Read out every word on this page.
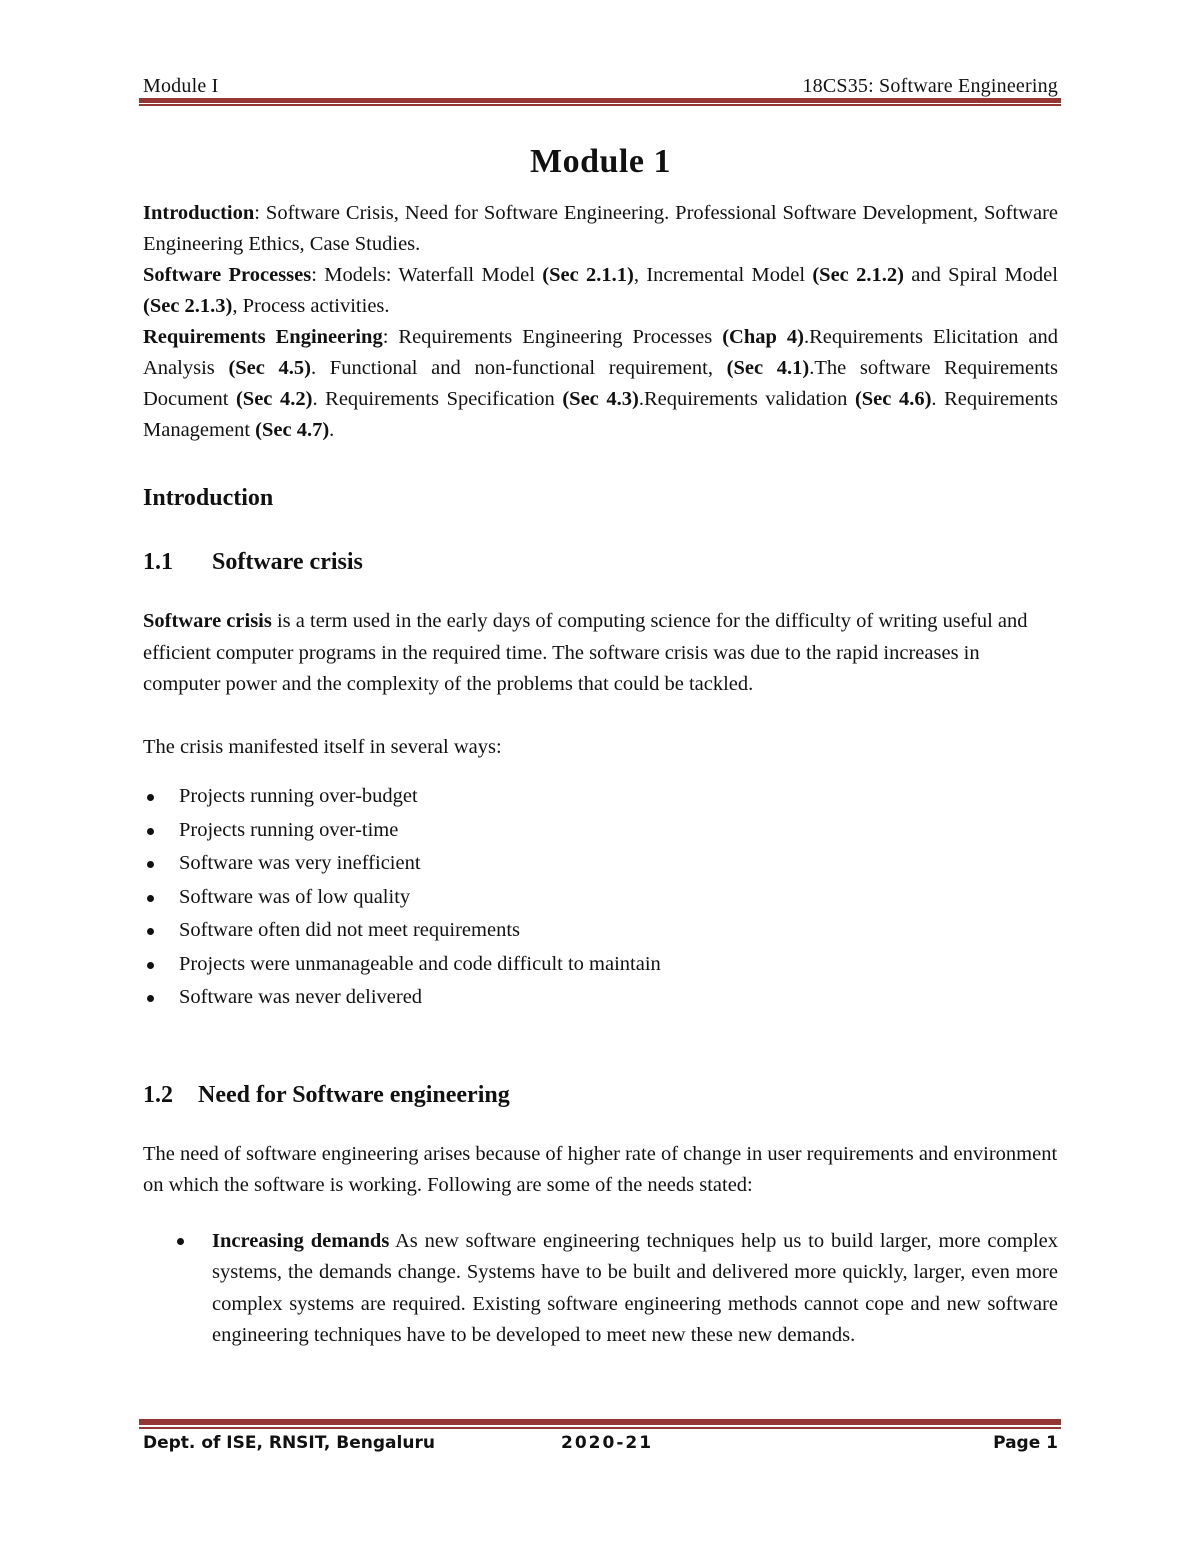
Module I	18CS35: Software Engineering
Module 1

Introduction: Software Crisis, Need for Software Engineering. Professional Software Development, Software Engineering Ethics, Case Studies.

Software Processes: Models: Waterfall Model (Sec 2.1.1), Incremental Model (Sec 2.1.2) and Spiral Model (Sec 2.1.3), Process activities.

Requirements Engineering: Requirements Engineering Processes (Chap 4).Requirements Elicitation and Analysis (Sec 4.5). Functional and non-functional requirement, (Sec 4.1).The software Requirements Document (Sec 4.2). Requirements Specification (Sec 4.3).Requirements validation (Sec 4.6). Requirements Management (Sec 4.7).

Introduction
1.1 Software crisis

Software crisis is a term used in the early days of computing science for the difficulty of writing useful and efficient computer programs in the required time. The software crisis was due to the rapid increases in computer power and the complexity of the problems that could be tackled.

The crisis manifested itself in several ways:

Projects running over-budget
Projects running over-time
Software was very inefficient
Software was of low quality
Software often did not meet requirements
Projects were unmanageable and code difficult to maintain
Software was never delivered
1.2 Need for Software engineering

The need of software engineering arises because of higher rate of change in user requirements and environment on which the software is working. Following are some of the needs stated:

Increasing demands As new software engineering techniques help us to build larger, more complex systems, the demands change. Systems have to be built and delivered more quickly, larger, even more complex systems are required. Existing software engineering methods cannot cope and new software engineering techniques have to be developed to meet new these new demands.
Dept. of ISE, RNSIT, Bengaluru	2020-21	Page 1
